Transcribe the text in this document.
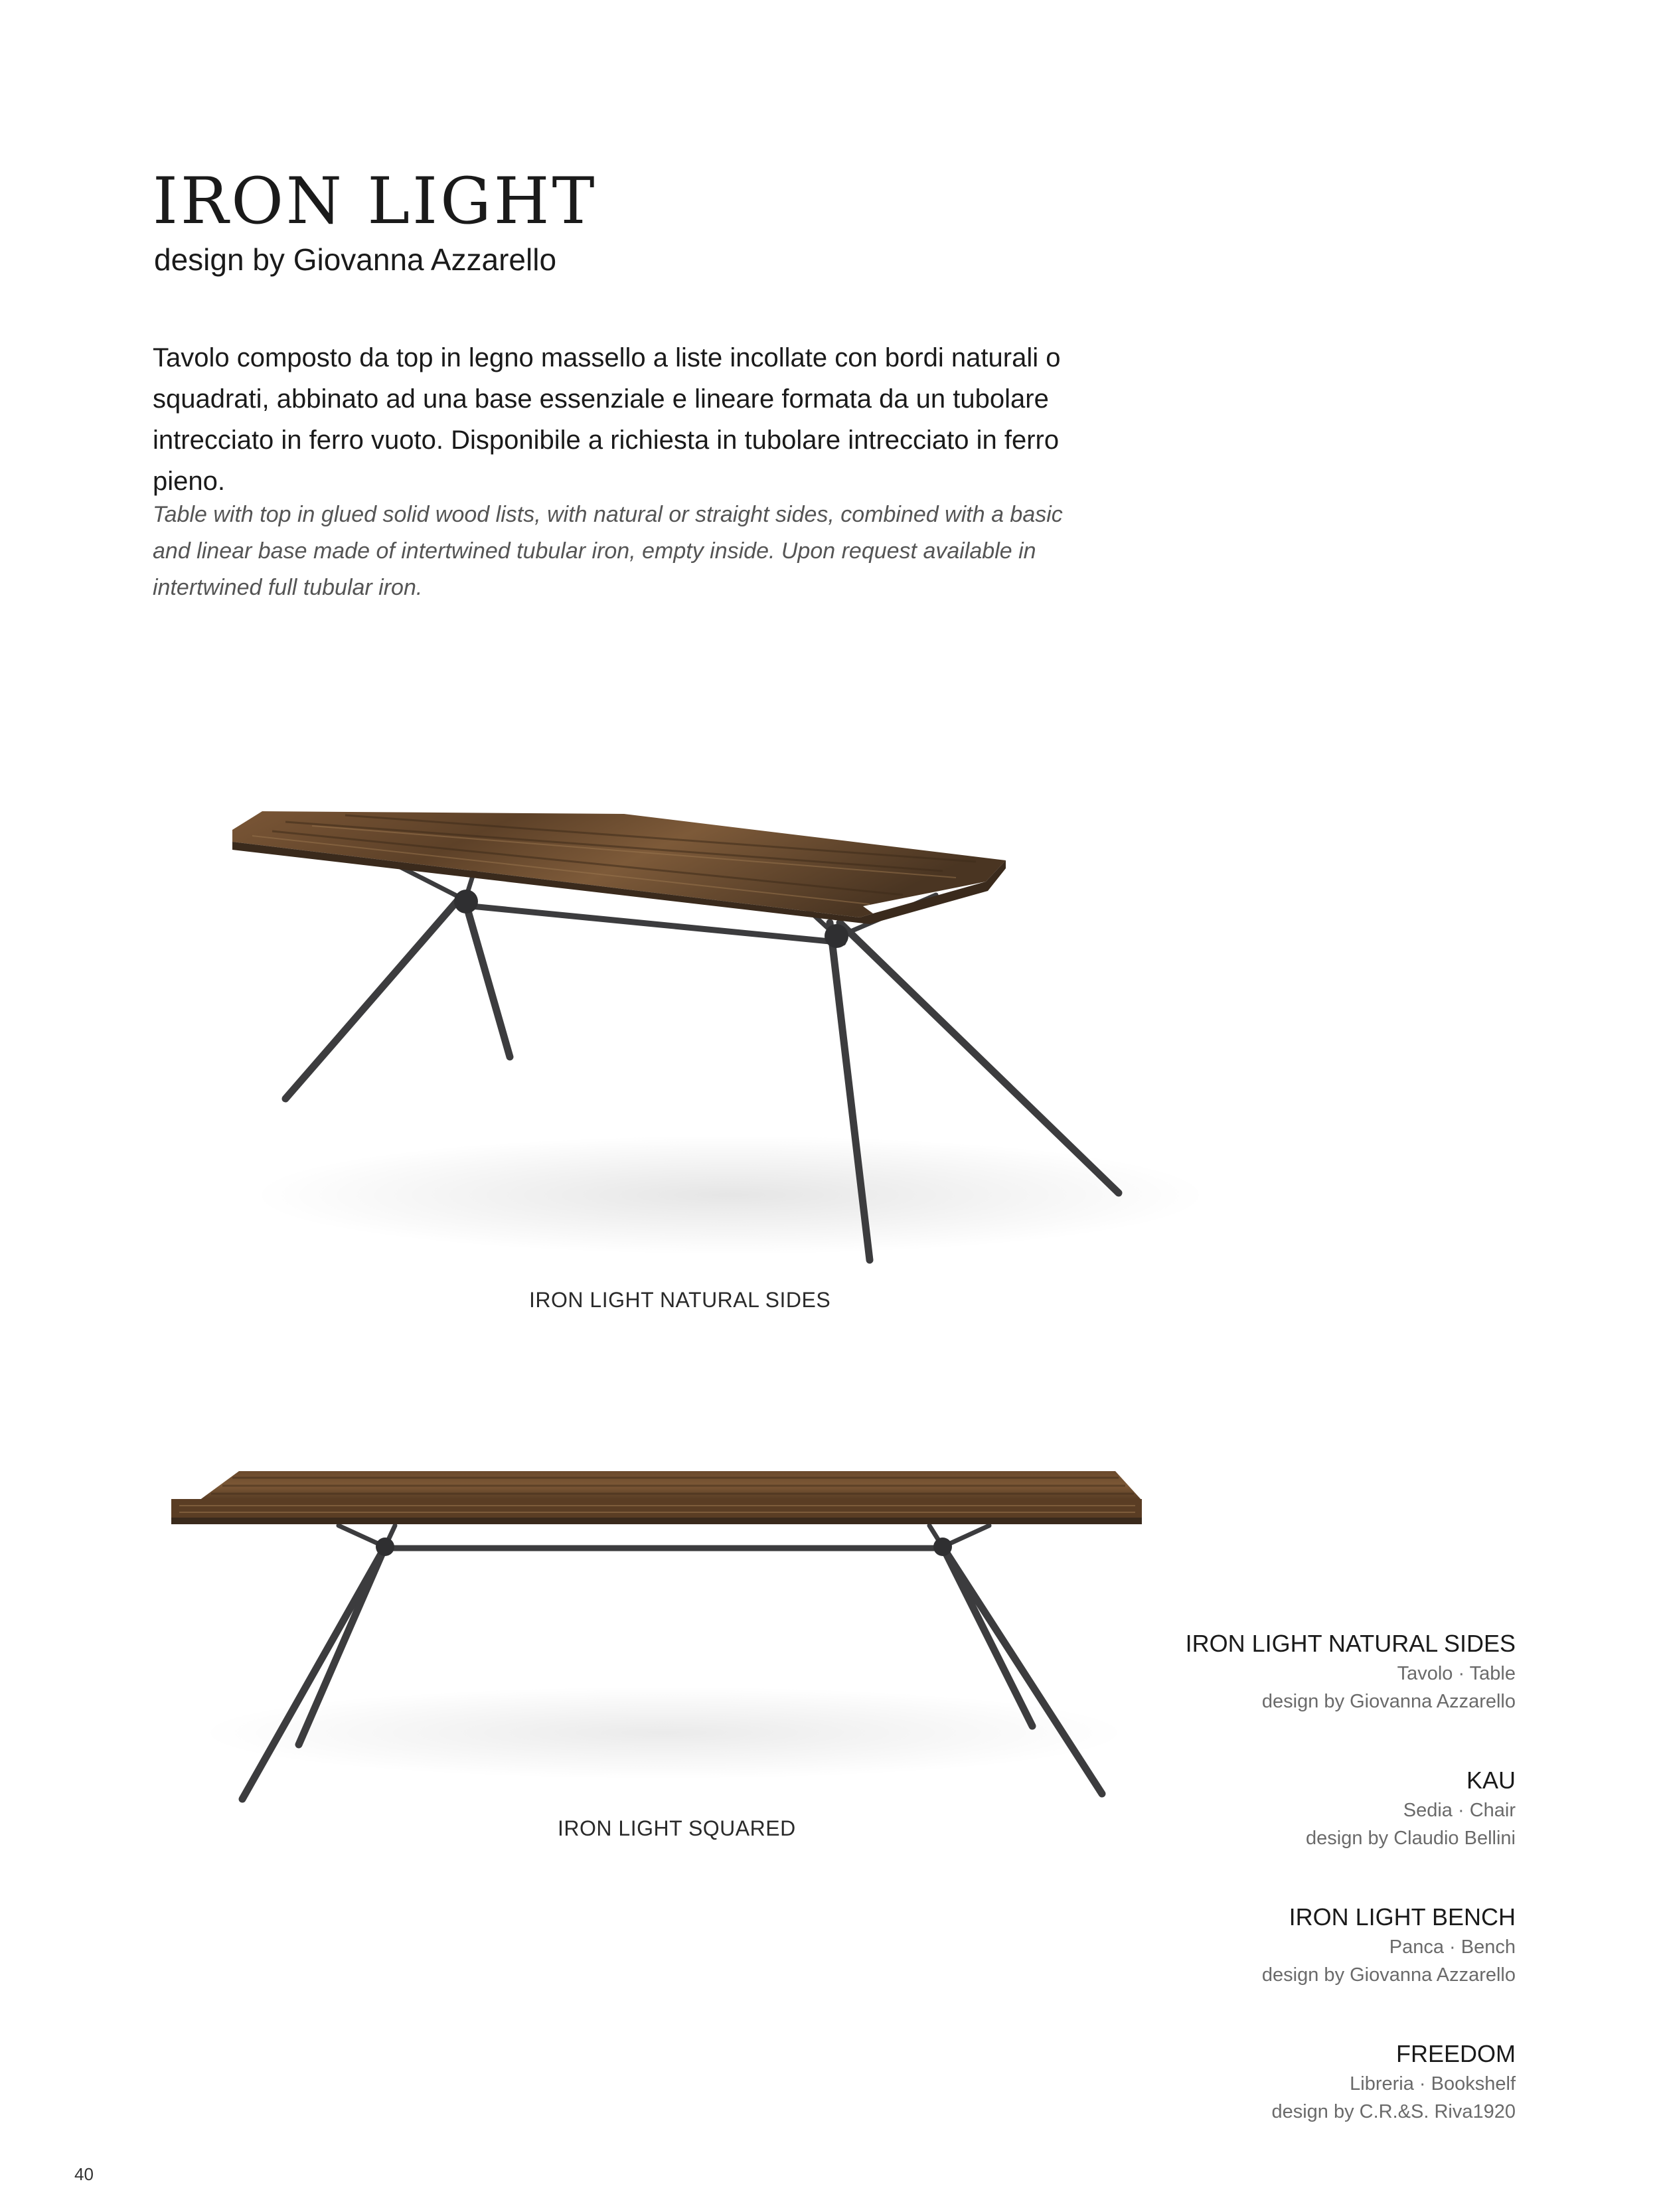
IRON LIGHT
design by Giovanna Azzarello

Tavolo composto da top in legno massello a liste incollate con bordi naturali o squadrati, abbinato ad una base essenziale e lineare formata da un tubolare intrecciato in ferro vuoto. Disponibile a richiesta in tubolare intrecciato in ferro pieno.

Table with top in glued solid wood lists, with natural or straight sides, combined with a basic and linear base made of intertwined tubular iron, empty inside. Upon request available in intertwined full tubular iron.

IRON LIGHT NATURAL SIDES
IRON LIGHT SQUARED
IRON LIGHT NATURAL SIDES
Tavolo · Table
design by Giovanna Azzarello
KAU
Sedia · Chair
design by Claudio Bellini
IRON LIGHT BENCH
Panca · Bench
design by Giovanna Azzarello
FREEDOM
Libreria · Bookshelf
design by C.R.&S. Riva1920
40
